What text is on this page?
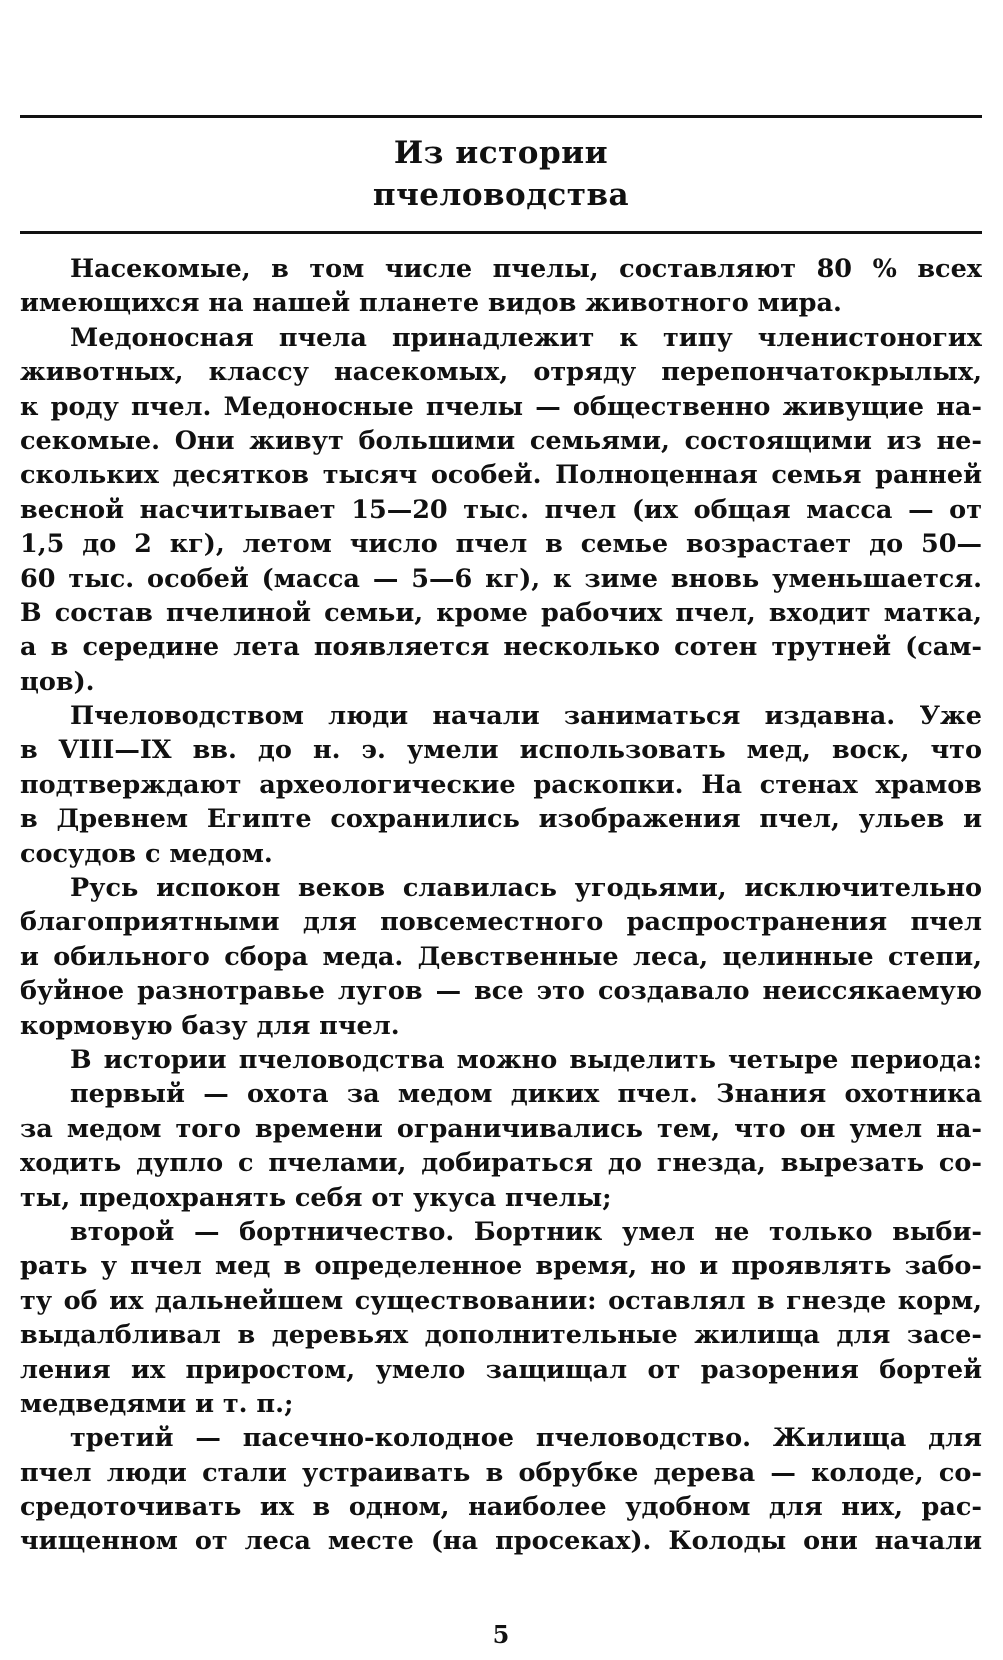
Из истории
пчеловодства
Насекомые, в том числе пчелы, составляют 80 % всех
имеющихся на нашей планете видов животного мира.
Медоносная пчела принадлежит к типу членистоногих
животных, классу насекомых, отряду перепончатокрылых,
к роду пчел. Медоносные пчелы — общественно живущие на-
секомые. Они живут большими семьями, состоящими из не-
скольких десятков тысяч особей. Полноценная семья ранней
весной насчитывает 15—20 тыс. пчел (их общая масса — от
1,5 до 2 кг), летом число пчел в семье возрастает до 50—
60 тыс. особей (масса — 5—6 кг), к зиме вновь уменьшается.
В состав пчелиной семьи, кроме рабочих пчел, входит матка,
а в середине лета появляется несколько сотен трутней (сам-
цов).
Пчеловодством люди начали заниматься издавна. Уже
в VIII—IX вв. до н. э. умели использовать мед, воск, что
подтверждают археологические раскопки. На стенах храмов
в Древнем Египте сохранились изображения пчел, ульев и
сосудов с медом.
Русь испокон веков славилась угодьями, исключительно
благоприятными для повсеместного распространения пчел
и обильного сбора меда. Девственные леса, целинные степи,
буйное разнотравье лугов — все это создавало неиссякаемую
кормовую базу для пчел.
В истории пчеловодства можно выделить четыре периода:
первый — охота за медом диких пчел. Знания охотника
за медом того времени ограничивались тем, что он умел на-
ходить дупло с пчелами, добираться до гнезда, вырезать со-
ты, предохранять себя от укуса пчелы;
второй — бортничество. Бортник умел не только выби-
рать у пчел мед в определенное время, но и проявлять забо-
ту об их дальнейшем существовании: оставлял в гнезде корм,
выдалбливал в деревьях дополнительные жилища для засе-
ления их приростом, умело защищал от разорения бортей
медведями и т. п.;
третий — пасечно-колодное пчеловодство. Жилища для
пчел люди стали устраивать в обрубке дерева — колоде, со-
средоточивать их в одном, наиболее удобном для них, рас-
чищенном от леса месте (на просеках). Колоды они начали
5
